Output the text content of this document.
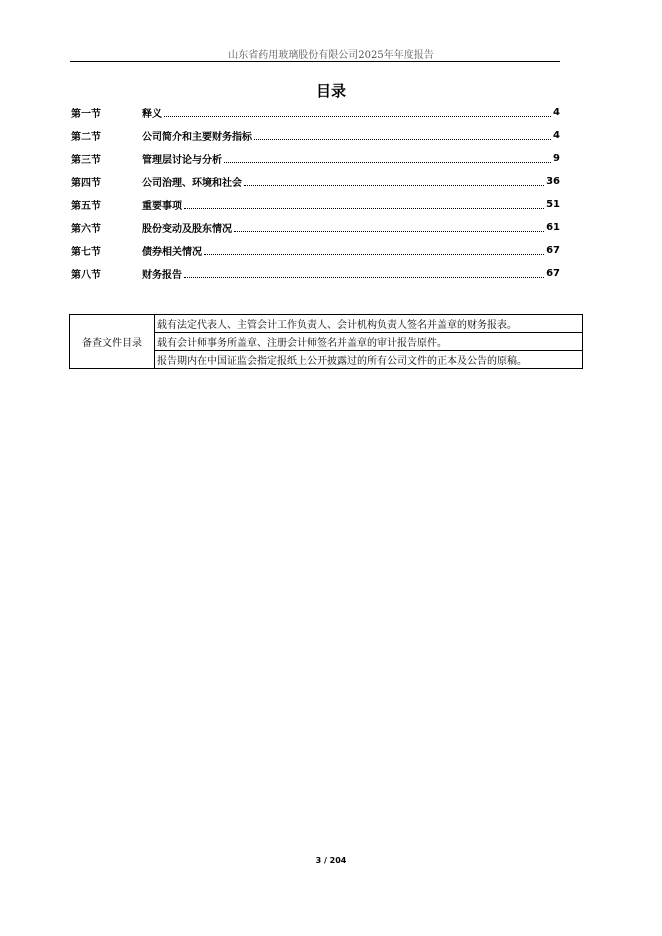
山东省药用玻璃股份有限公司2025年年度报告
目录
第一节	释义	4
第二节	公司简介和主要财务指标	4
第三节	管理层讨论与分析	9
第四节	公司治理、环境和社会	36
第五节	重要事项	51
第六节	股份变动及股东情况	61
第七节	债券相关情况	67
第八节	财务报告	67
备查文件目录	载有法定代表人、主管会计工作负责人、会计机构负责人签名并盖章的财务报表。
载有会计师事务所盖章、注册会计师签名并盖章的审计报告原件。
报告期内在中国证监会指定报纸上公开披露过的所有公司文件的正本及公告的原稿。
3 / 204
